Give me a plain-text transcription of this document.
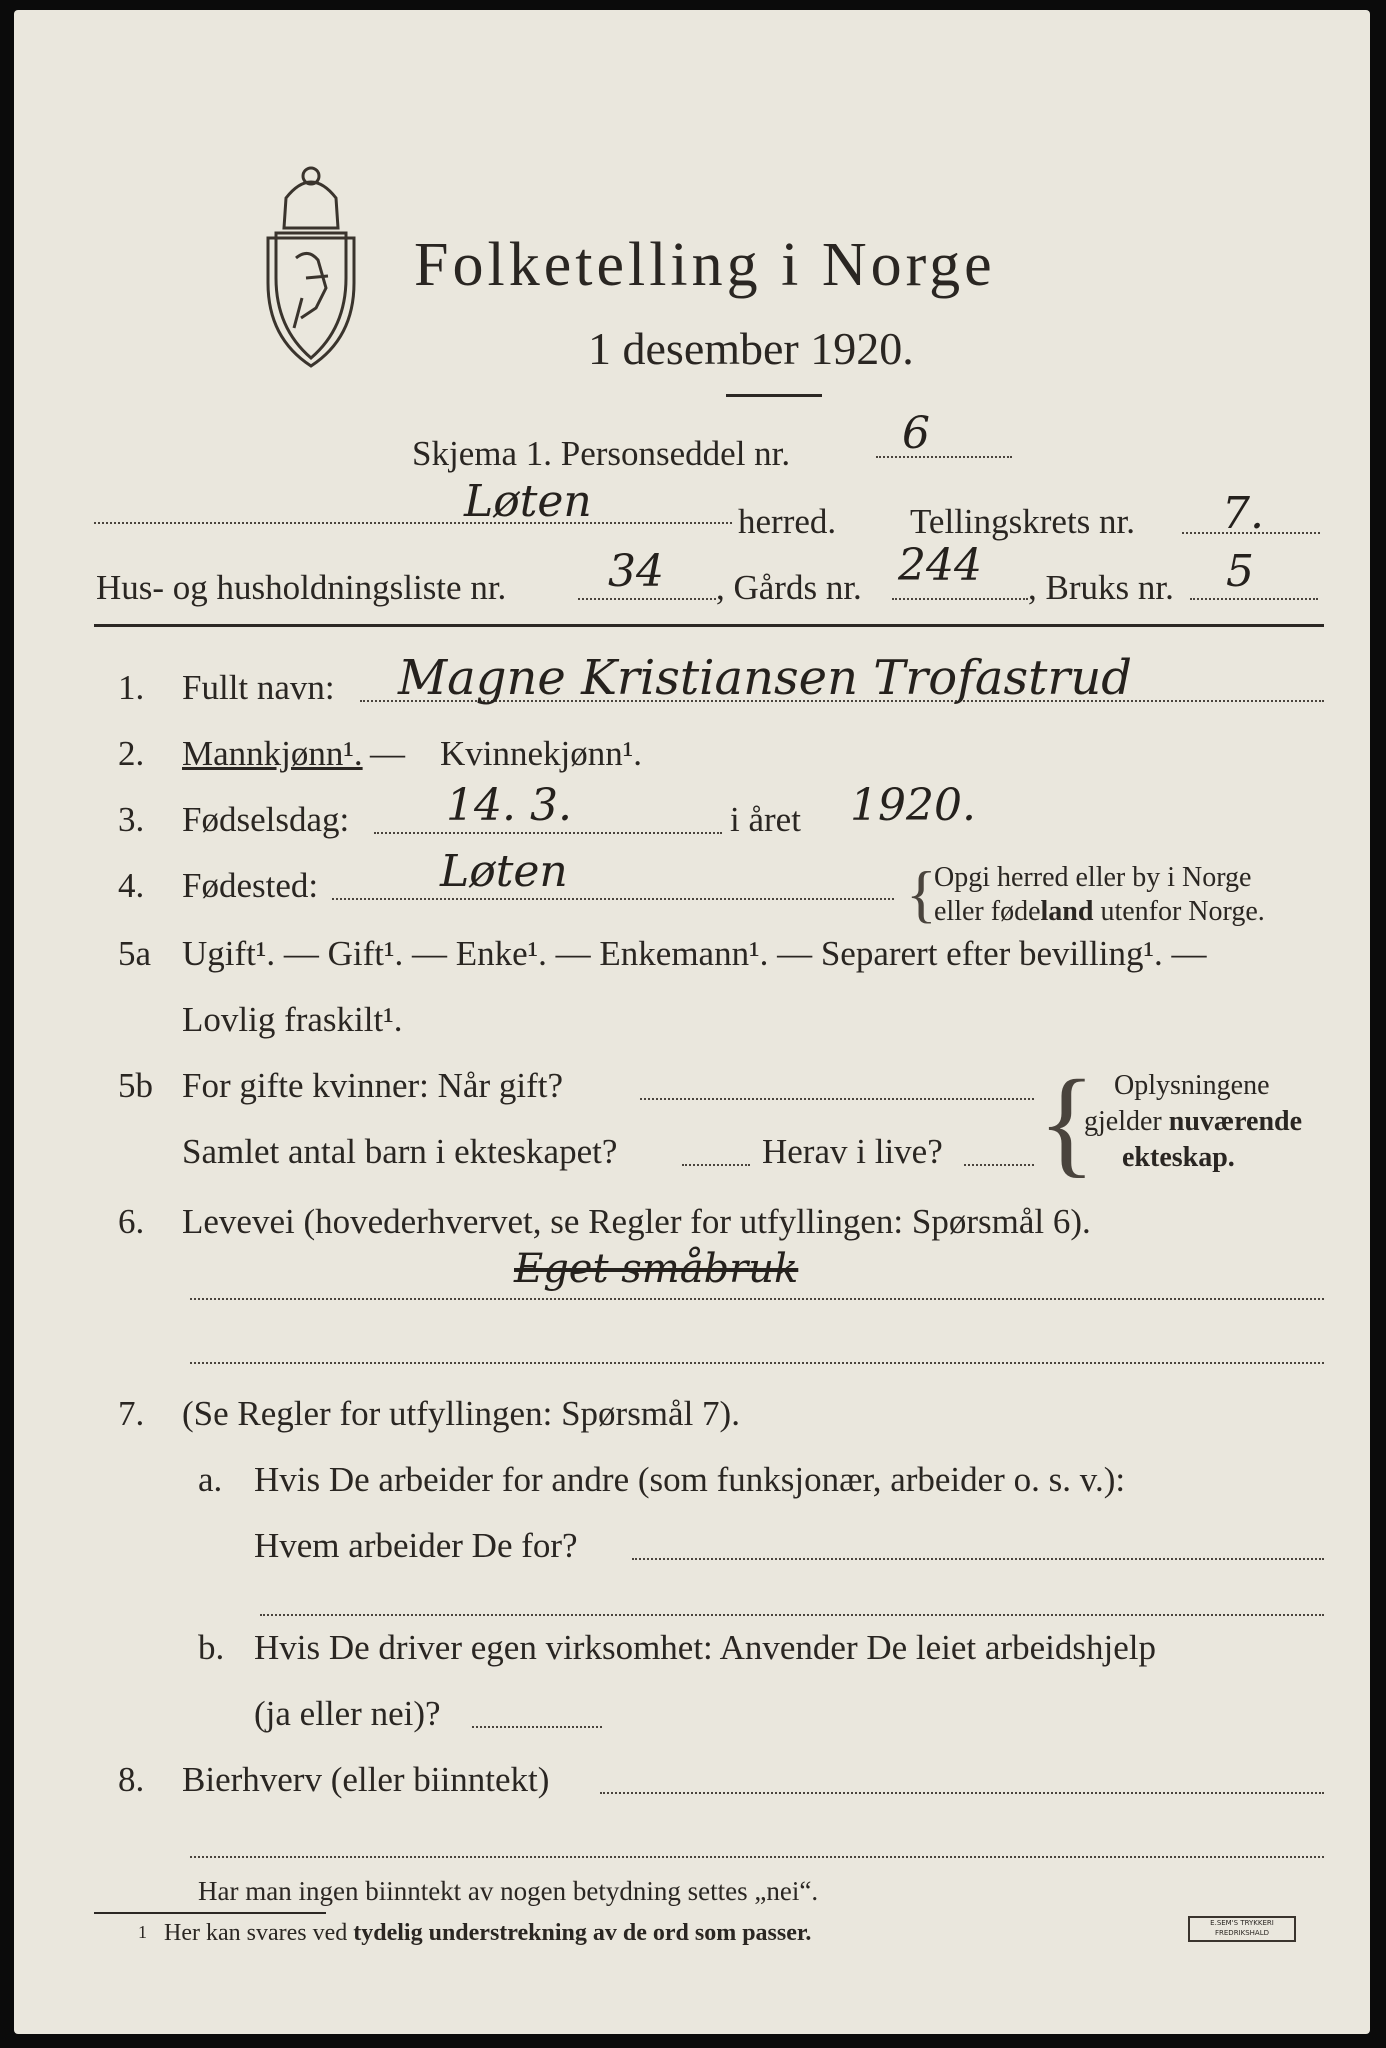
Folketelling i Norge
1 desember 1920.
Skjema 1. Personseddel nr.	6
Løten	herred. Tellingskrets nr. 7.
Hus- og husholdningsliste nr. 34 , Gårds nr. 244 , Bruks nr. 5
1. Fullt navn: Magne Kristiansen Trofastrud
2. Mannkjønn¹. — Kvinnekjønn¹.
3. Fødselsdag: 14. 3.	i året 1920.
4. Fødested:	Løten	{
Opgi herred eller by i Norge
eller fødeland utenfor Norge.
5a Ugift¹. — Gift¹. — Enke¹. — Enkemann¹. — Separert efter bevilling¹. —
Lovlig fraskilt¹.
5b For gifte kvinner: Når gift?
Samlet antal barn i ekteskapet?	Herav i live? { Oplysningene
gjelder nuværende
ekteskap.
6. Levevei (hovederhvervet, se Regler for utfyllingen: Spørsmål 6).
Eget småbruk
7. (Se Regler for utfyllingen: Spørsmål 7).
a. Hvis De arbeider for andre (som funksjonær, arbeider o. s. v.):
Hvem arbeider De for?
b. Hvis De driver egen virksomhet: Anvender De leiet arbeidshjelp
(ja eller nei)?
8. Bierhverv (eller biinntekt)
Har man ingen biinntekt av nogen betydning settes „nei“.
1 Her kan svares ved tydelig understrekning av de ord som passer.	E.SEM'S TRYKKERI
FREDRIKSHALD
